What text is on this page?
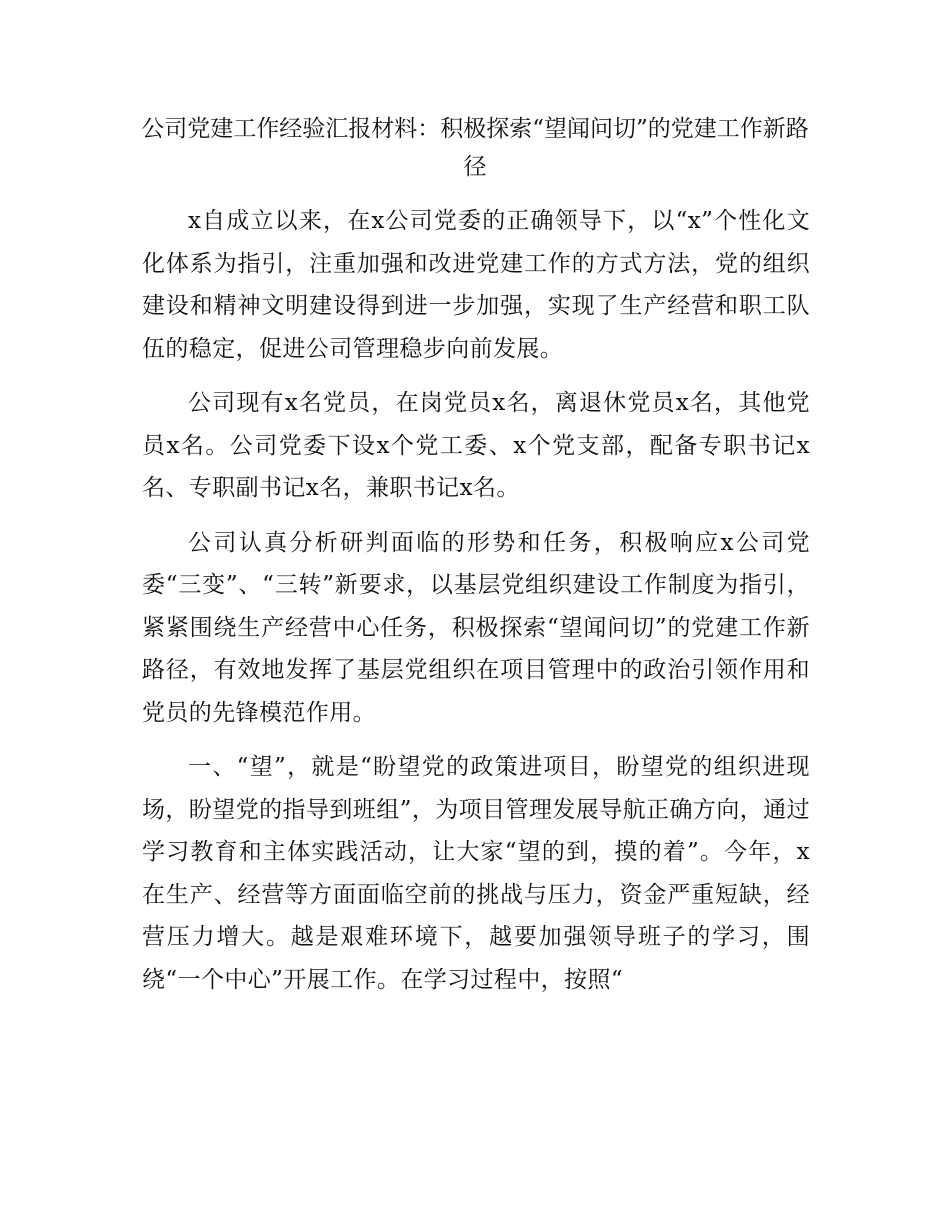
公司党建工作经验汇报材料：积极探索“望闻问切”的党建工作新路径

x自成立以来，在x公司党委的正确领导下，以“x”个性化文化体系为指引，注重加强和改进党建工作的方式方法，党的组织建设和精神文明建设得到进一步加强，实现了生产经营和职工队伍的稳定，促进公司管理稳步向前发展。

公司现有x名党员，在岗党员x名，离退休党员x名，其他党员x名。公司党委下设x个党工委、x个党支部，配备专职书记x名、专职副书记x名，兼职书记x名。

公司认真分析研判面临的形势和任务，积极响应x公司党委“三变”、“三转”新要求，以基层党组织建设工作制度为指引，紧紧围绕生产经营中心任务，积极探索“望闻问切”的党建工作新路径，有效地发挥了基层党组织在项目管理中的政治引领作用和党员的先锋模范作用。

一、“望”，就是“盼望党的政策进项目，盼望党的组织进现场，盼望党的指导到班组”，为项目管理发展导航正确方向，通过学习教育和主体实践活动，让大家“望的到，摸的着”。今年，x在生产、经营等方面面临空前的挑战与压力，资金严重短缺，经营压力增大。越是艰难环境下，越要加强领导班子的学习，围绕“一个中心”开展工作。在学习过程中，按照“
